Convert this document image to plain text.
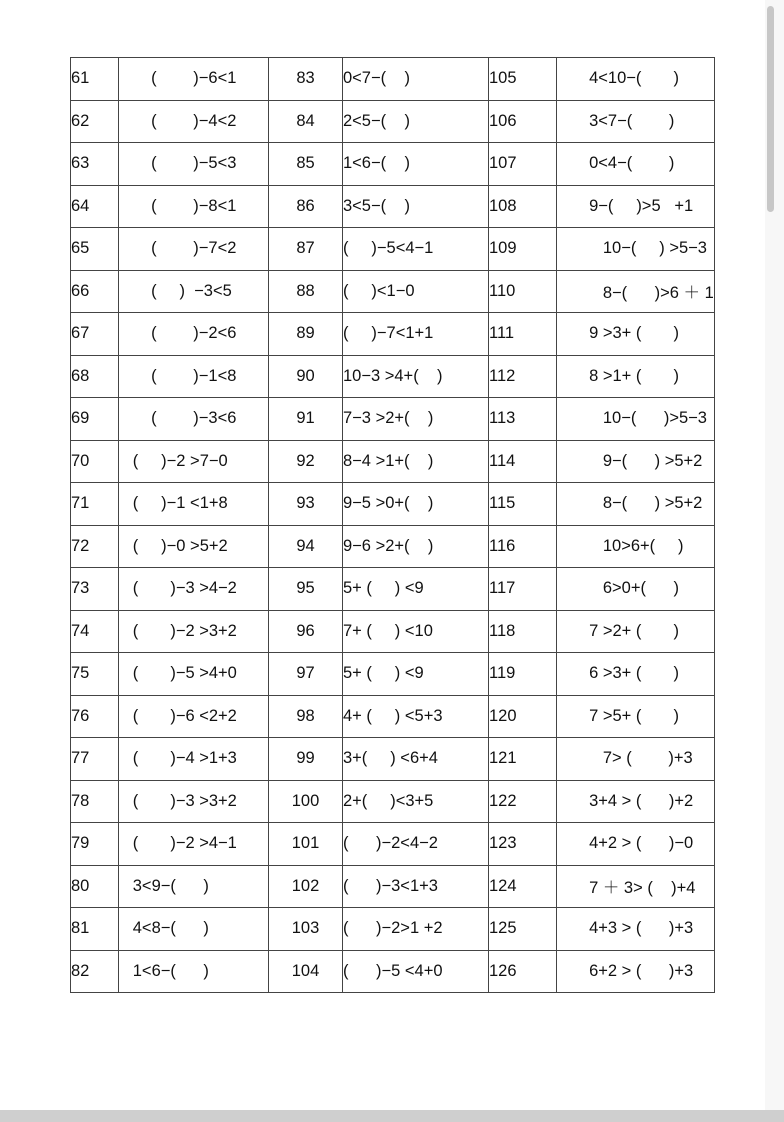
61	(        )−6<1	83	0<7−(    )	105	4<10−(       )
62	(        )−4<2	84	2<5−(    )	106	3<7−(        )
63	(        )−5<3	85	1<6−(    )	107	0<4−(        )
64	(        )−8<1	86	3<5−(    )	108	9−(     )>5   +1
65	(        )−7<2	87	(     )−5<4−1	109	10−(     ) >5−3
66	(     )  −3<5	88	(     )<1−0	110	8−(      )>6 ＋ 1
67	(        )−2<6	89	(     )−7<1+1	111	9 >3+ (       )
68	(        )−1<8	90	10−3 >4+(    )	112	8 >1+ (       )
69	(        )−3<6	91	7−3 >2+(    )	113	10−(      )>5−3
70	(     )−2 >7−0	92	8−4 >1+(    )	114	9−(      ) >5+2
71	(     )−1 <1+8	93	9−5 >0+(    )	115	8−(      ) >5+2
72	(     )−0 >5+2	94	9−6 >2+(    )	116	10>6+(     )
73	(       )−3 >4−2	95	5+ (     ) <9	117	6>0+(      )
74	(       )−2 >3+2	96	7+ (     ) <10	118	7 >2+ (       )
75	(       )−5 >4+0	97	5+ (     ) <9	119	6 >3+ (       )
76	(       )−6 <2+2	98	4+ (     ) <5+3	120	7 >5+ (       )
77	(       )−4 >1+3	99	3+(     ) <6+4	121	7> (        )+3
78	(       )−3 >3+2	100	2+(     )<3+5	122	3+4 > (      )+2
79	(       )−2 >4−1	101	(      )−2<4−2	123	4+2 > (      )−0
80	3<9−(      )	102	(      )−3<1+3	124	7 ＋ 3> (    )+4
81	4<8−(      )	103	(      )−2>1 +2	125	4+3 > (      )+3
82	1<6−(      )	104	(      )−5 <4+0	126	6+2 > (      )+3
